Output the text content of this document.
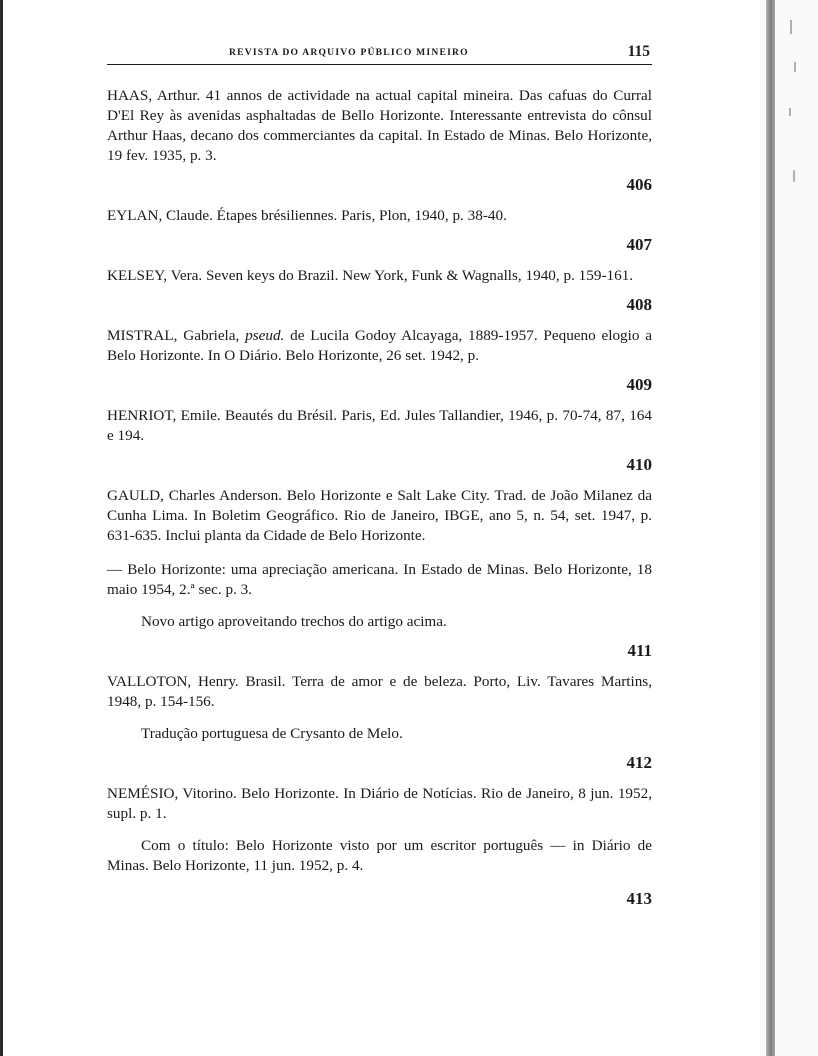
REVISTA DO ARQUIVO PÚBLICO MINEIRO	115

HAAS, Arthur. 41 annos de actividade na actual capital mineira. Das cafuas do Curral D'El Rey às avenidas asphaltadas de Bello Horizonte. Interessante entrevista do cônsul Arthur Haas, decano dos commerciantes da capital. In Estado de Minas. Belo Horizonte, 19 fev. 1935, p. 3.

406

EYLAN, Claude. Étapes brésiliennes. Paris, Plon, 1940, p. 38-40.

407

KELSEY, Vera. Seven keys do Brazil. New York, Funk & Wagnalls, 1940, p. 159-161.

408

MISTRAL, Gabriela, pseud. de Lucila Godoy Alcayaga, 1889-1957. Pequeno elogio a Belo Horizonte. In O Diário. Belo Horizonte, 26 set. 1942, p.

409

HENRIOT, Emile. Beautés du Brésil. Paris, Ed. Jules Tallandier, 1946, p. 70-74, 87, 164 e 194.

410

GAULD, Charles Anderson. Belo Horizonte e Salt Lake City. Trad. de João Milanez da Cunha Lima. In Boletim Geográfico. Rio de Janeiro, IBGE, ano 5, n. 54, set. 1947, p. 631-635. Inclui planta da Cidade de Belo Horizonte.

— Belo Horizonte: uma apreciação americana. In Estado de Minas. Belo Horizonte, 18 maio 1954, 2.ª sec. p. 3.

Novo artigo aproveitando trechos do artigo acima.

411

VALLOTON, Henry. Brasil. Terra de amor e de beleza. Porto, Liv. Tavares Martins, 1948, p. 154-156.

Tradução portuguesa de Crysanto de Melo.

412

NEMÉSIO, Vitorino. Belo Horizonte. In Diário de Notícias. Rio de Janeiro, 8 jun. 1952, supl. p. 1.

Com o título: Belo Horizonte visto por um escritor português — in Diário de Minas. Belo Horizonte, 11 jun. 1952, p. 4.

413
